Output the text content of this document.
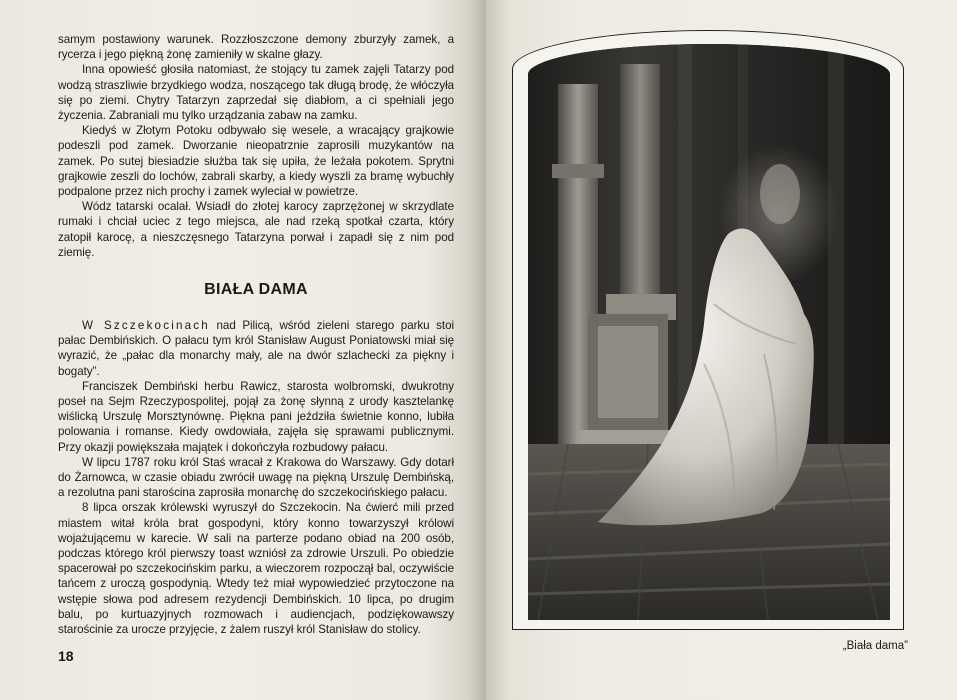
samym postawiony warunek. Rozzłoszczone demony zburzyły zamek, a rycerza i jego piękną żonę zamieniły w skalne głazy.

Inna opowieść głosiła natomiast, że stojący tu zamek zajęli Tatarzy pod wodzą straszliwie brzydkiego wodza, noszącego tak długą brodę, że włóczyła się po ziemi. Chytry Tatarzyn zaprzedał się diabłom, a ci spełniali jego życzenia. Zabraniali mu tylko urządzania zabaw na zamku.

Kiedyś w Złotym Potoku odbywało się wesele, a wracający grajkowie podeszli pod zamek. Dworzanie nieopatrznie zaprosili muzykantów na zamek. Po sutej biesiadzie służba tak się upiła, że leżała pokotem. Sprytni grajkowie zeszli do lochów, zabrali skarby, a kiedy wyszli za bramę wybuchły podpalone przez nich prochy i zamek wyleciał w powietrze.

Wódz tatarski ocalał. Wsiadł do złotej karocy zaprzężonej w skrzydlate rumaki i chciał uciec z tego miejsca, ale nad rzeką spotkał czarta, który zatopił karocę, a nieszczęsnego Tatarzyna porwał i zapadł się z nim pod ziemię.

BIAŁA DAMA

W Szczekocinach nad Pilicą, wśród zieleni starego parku stoi pałac Dembińskich. O pałacu tym król Stanisław August Poniatowski miał się wyrazić, że „pałac dla monarchy mały, ale na dwór szlachecki za piękny i bogaty”.

Franciszek Dembiński herbu Rawicz, starosta wolbromski, dwukrotny poseł na Sejm Rzeczypospolitej, pojął za żonę słynną z urody kasztelankę wiślicką Urszulę Morsztynównę. Piękna pani jeździła świetnie konno, lubiła polowania i romanse. Kiedy owdowiała, zajęła się sprawami publicznymi. Przy okazji powiększała majątek i dokończyła rozbudowy pałacu.

W lipcu 1787 roku król Staś wracał z Krakowa do Warszawy. Gdy dotarł do Żarnowca, w czasie obiadu zwrócił uwagę na piękną Urszulę Dembińską, a rezolutna pani starościna zaprosiła monarchę do szczekocińskiego pałacu.

8 lipca orszak królewski wyruszył do Szczekocin. Na ćwierć mili przed miastem witał króla brat gospodyni, który konno towarzyszył królowi wojażującemu w karecie. W sali na parterze podano obiad na 200 osób, podczas którego król pierwszy toast wzniósł za zdrowie Urszuli. Po obiedzie spacerował po szczekocińskim parku, a wieczorem rozpoczął bal, oczywiście tańcem z uroczą gospodynią. Wtedy też miał wypowiedzieć przytoczone na wstępie słowa pod adresem rezydencji Dembińskich. 10 lipca, po drugim balu, po kurtuazyjnych rozmowach i audiencjach, podziękowawszy starościnie za urocze przyjęcie, z żalem ruszył król Stanisław do stolicy.

18
„Biała dama”
